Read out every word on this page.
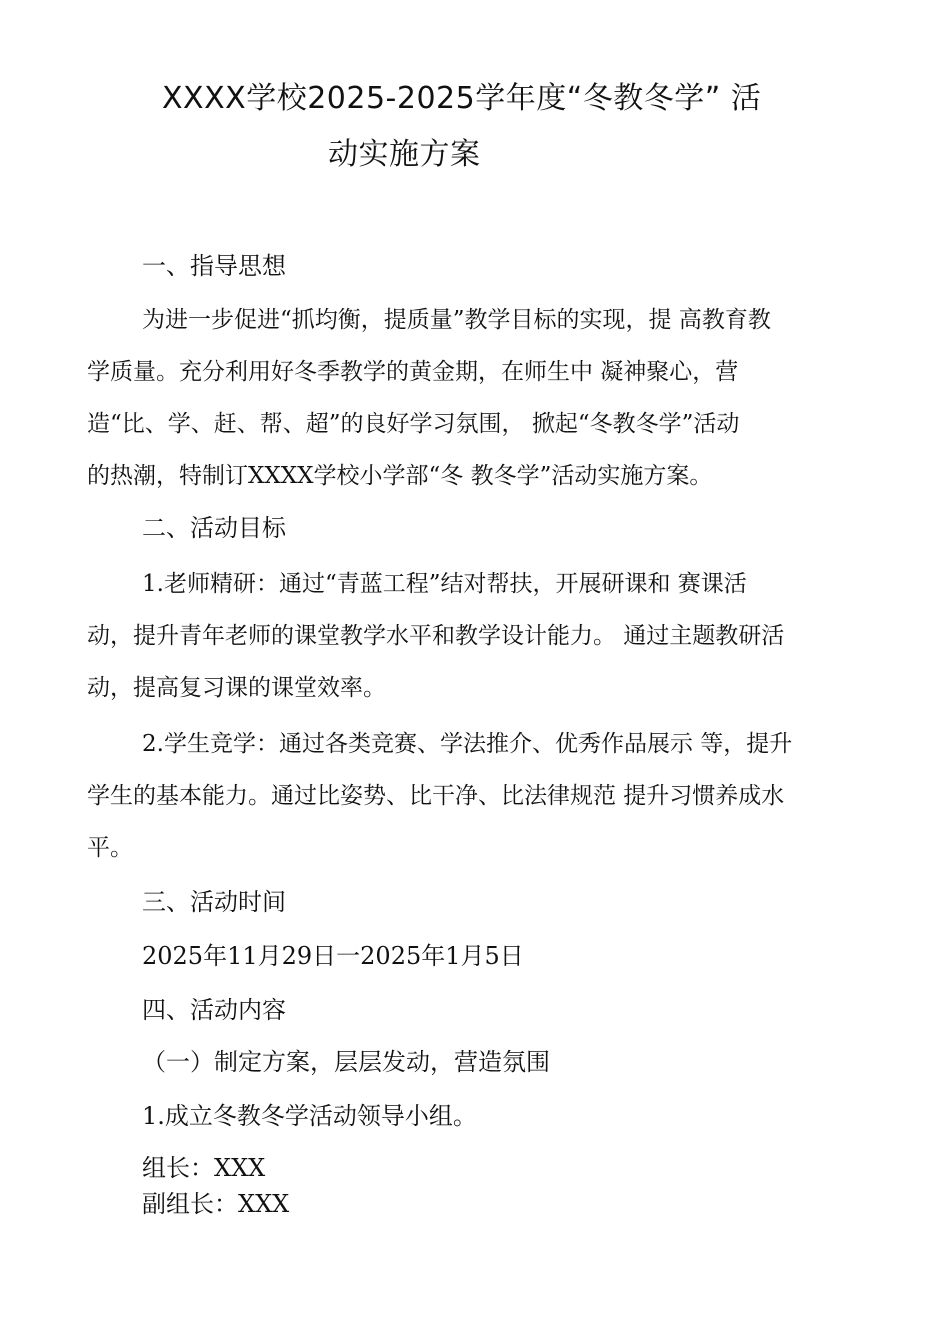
XXXX学校2025-2025学年度“冬教冬学” 活
动实施方案
一、指导思想
为进一步促进“抓均衡，提质量”教学目标的实现，提 高教育教
学质量。充分利用好冬季教学的黄金期，在师生中 凝神聚心，营
造“比、学、赶、帮、超”的良好学习氛围， 掀起“冬教冬学”活动
的热潮，特制订XXXX学校小学部“冬 教冬学”活动实施方案。
二、活动目标
1.老师精研：通过“青蓝工程”结对帮扶，开展研课和 赛课活
动，提升青年老师的课堂教学水平和教学设计能力。 通过主题教研活
动，提高复习课的课堂效率。
2.学生竞学：通过各类竞赛、学法推介、优秀作品展示 等，提升
学生的基本能力。通过比姿势、比干净、比法律规范 提升习惯养成水
平。
三、活动时间
2025年11月29日一2025年1月5日
四、活动内容
（一）制定方案，层层发动，营造氛围
1.成立冬教冬学活动领导小组。
组长：XXX
副组长：XXX
